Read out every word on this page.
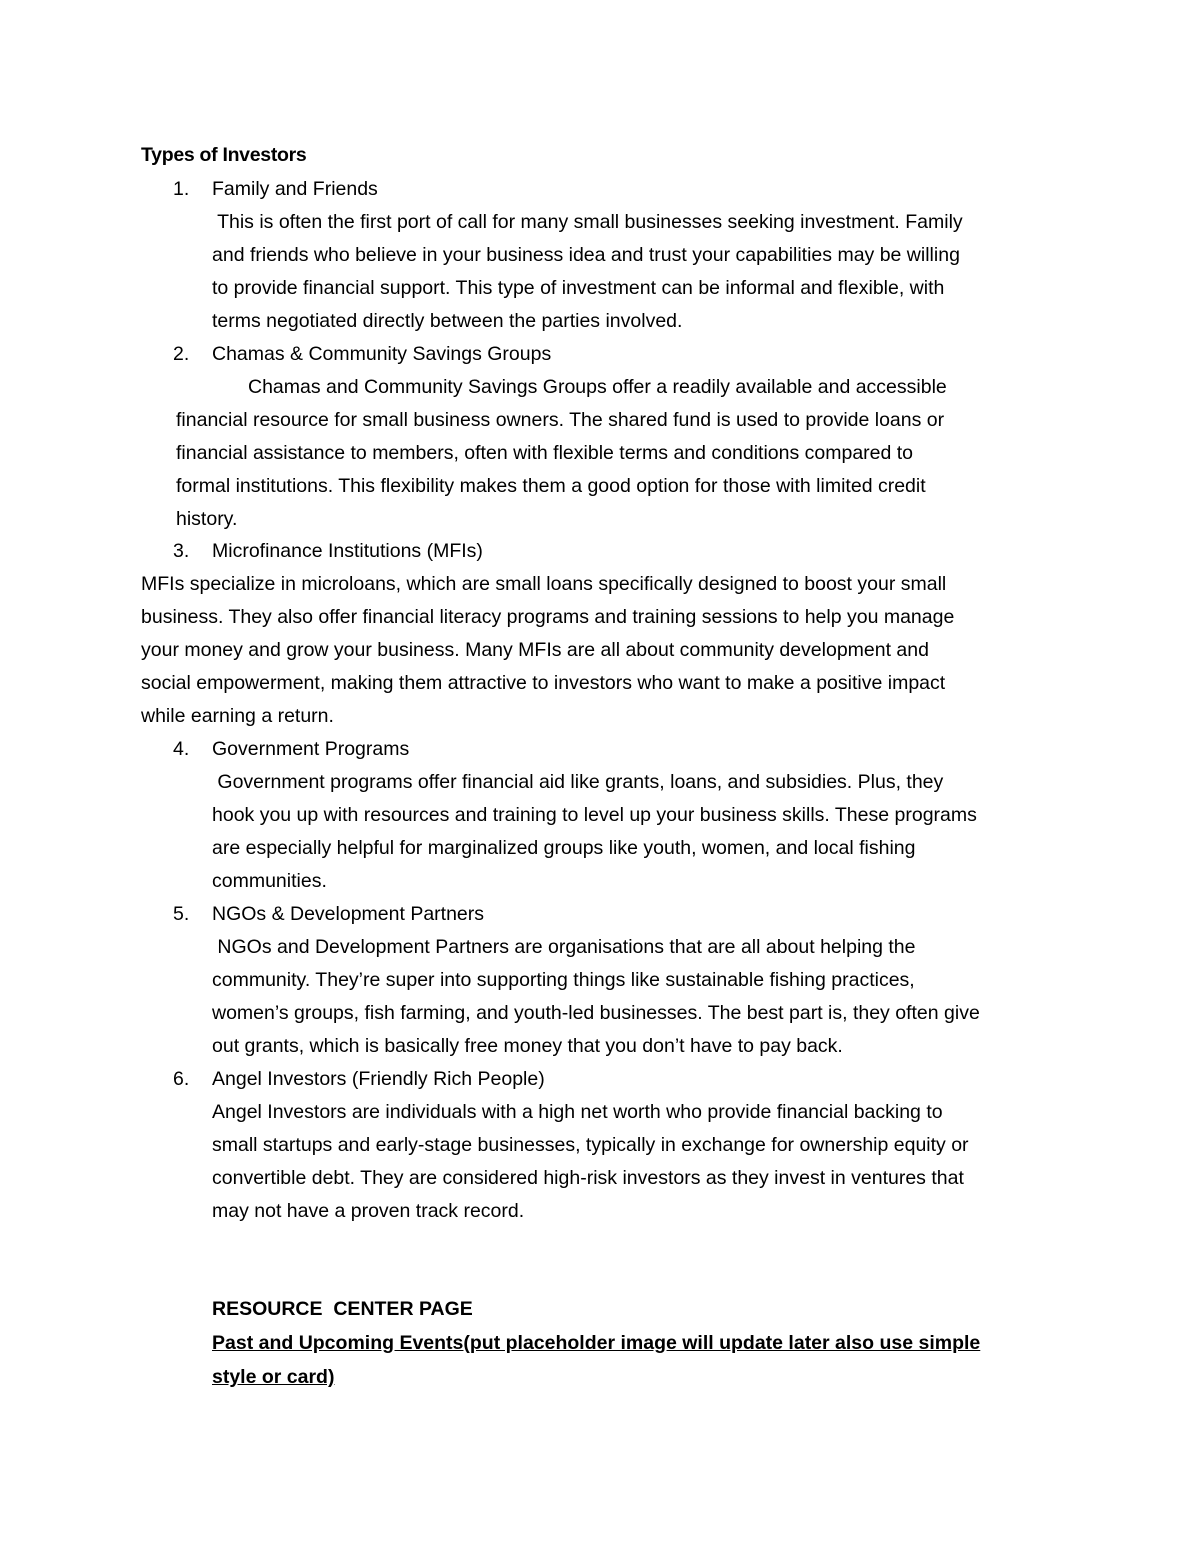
Types of Investors
1. Family and Friends
This is often the first port of call for many small businesses seeking investment. Family
and friends who believe in your business idea and trust your capabilities may be willing
to provide financial support. This type of investment can be informal and flexible, with
terms negotiated directly between the parties involved.
2. Chamas & Community Savings Groups
Chamas and Community Savings Groups offer a readily available and accessible
financial resource for small business owners. The shared fund is used to provide loans or
financial assistance to members, often with flexible terms and conditions compared to
formal institutions. This flexibility makes them a good option for those with limited credit
history.
3. Microfinance Institutions (MFIs)
MFIs specialize in microloans, which are small loans specifically designed to boost your small
business. They also offer financial literacy programs and training sessions to help you manage
your money and grow your business. Many MFIs are all about community development and
social empowerment, making them attractive to investors who want to make a positive impact
while earning a return.
4. Government Programs
Government programs offer financial aid like grants, loans, and subsidies. Plus, they
hook you up with resources and training to level up your business skills. These programs
are especially helpful for marginalized groups like youth, women, and local fishing
communities.
5. NGOs & Development Partners
NGOs and Development Partners are organisations that are all about helping the
community. They’re super into supporting things like sustainable fishing practices,
women’s groups, fish farming, and youth-led businesses. The best part is, they often give
out grants, which is basically free money that you don’t have to pay back.
6. Angel Investors (Friendly Rich People)
Angel Investors are individuals with a high net worth who provide financial backing to
small startups and early-stage businesses, typically in exchange for ownership equity or
convertible debt. They are considered high-risk investors as they invest in ventures that
may not have a proven track record.
RESOURCE  CENTER PAGE
Past and Upcoming Events(put placeholder image will update later also use simple
style or card)
